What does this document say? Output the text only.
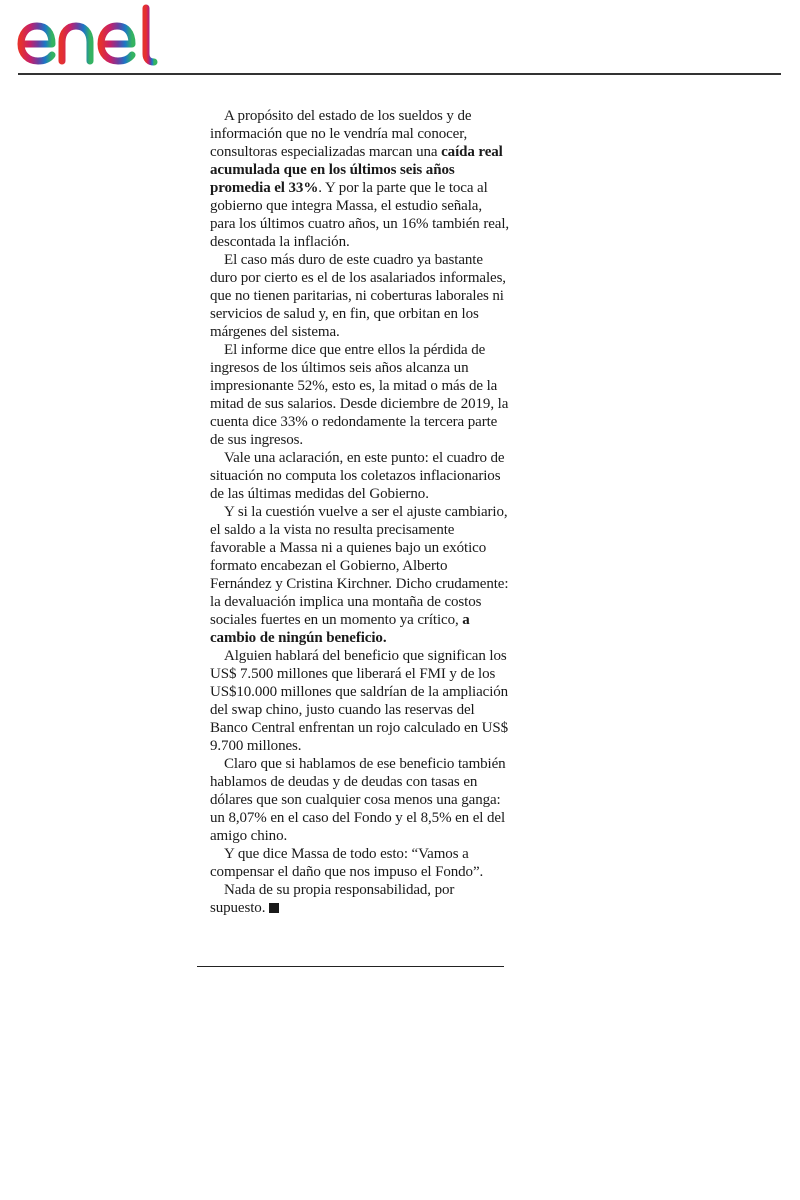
A propósito del estado de los sueldos y de información que no le vendría mal conocer, consultoras especializadas marcan una caída real acumulada que en los últimos seis años promedia el 33%. Y por la parte que le toca al gobierno que integra Massa, el estudio señala, para los últimos cuatro años, un 16% también real, descontada la inflación.

El caso más duro de este cuadro ya bastante duro por cierto es el de los asalariados informales, que no tienen paritarias, ni coberturas laborales ni servicios de salud y, en fin, que orbitan en los márgenes del sistema.

El informe dice que entre ellos la pérdida de ingresos de los últimos seis años alcanza un impresionante 52%, esto es, la mitad o más de la mitad de sus salarios. Desde diciembre de 2019, la cuenta dice 33% o redondamente la tercera parte de sus ingresos.

Vale una aclaración, en este punto: el cuadro de situación no computa los coletazos inflacionarios de las últimas medidas del Gobierno.

Y si la cuestión vuelve a ser el ajuste cambiario, el saldo a la vista no resulta precisamente favorable a Massa ni a quienes bajo un exótico formato encabezan el Gobierno, Alberto Fernández y Cristina Kirchner. Dicho crudamente: la devaluación implica una montaña de costos sociales fuertes en un momento ya crítico, a cambio de ningún beneficio.

Alguien hablará del beneficio que significan los US$ 7.500 millones que liberará el FMI y de los US$10.000 millones que saldrían de la ampliación del swap chino, justo cuando las reservas del Banco Central enfrentan un rojo calculado en US$ 9.700 millones.

Claro que si hablamos de ese beneficio también hablamos de deudas y de deudas con tasas en dólares que son cualquier cosa menos una ganga: un 8,07% en el caso del Fondo y el 8,5% en el del amigo chino.

Y que dice Massa de todo esto: “Vamos a compensar el daño que nos impuso el Fondo”.

Nada de su propia responsabilidad, por supuesto.
